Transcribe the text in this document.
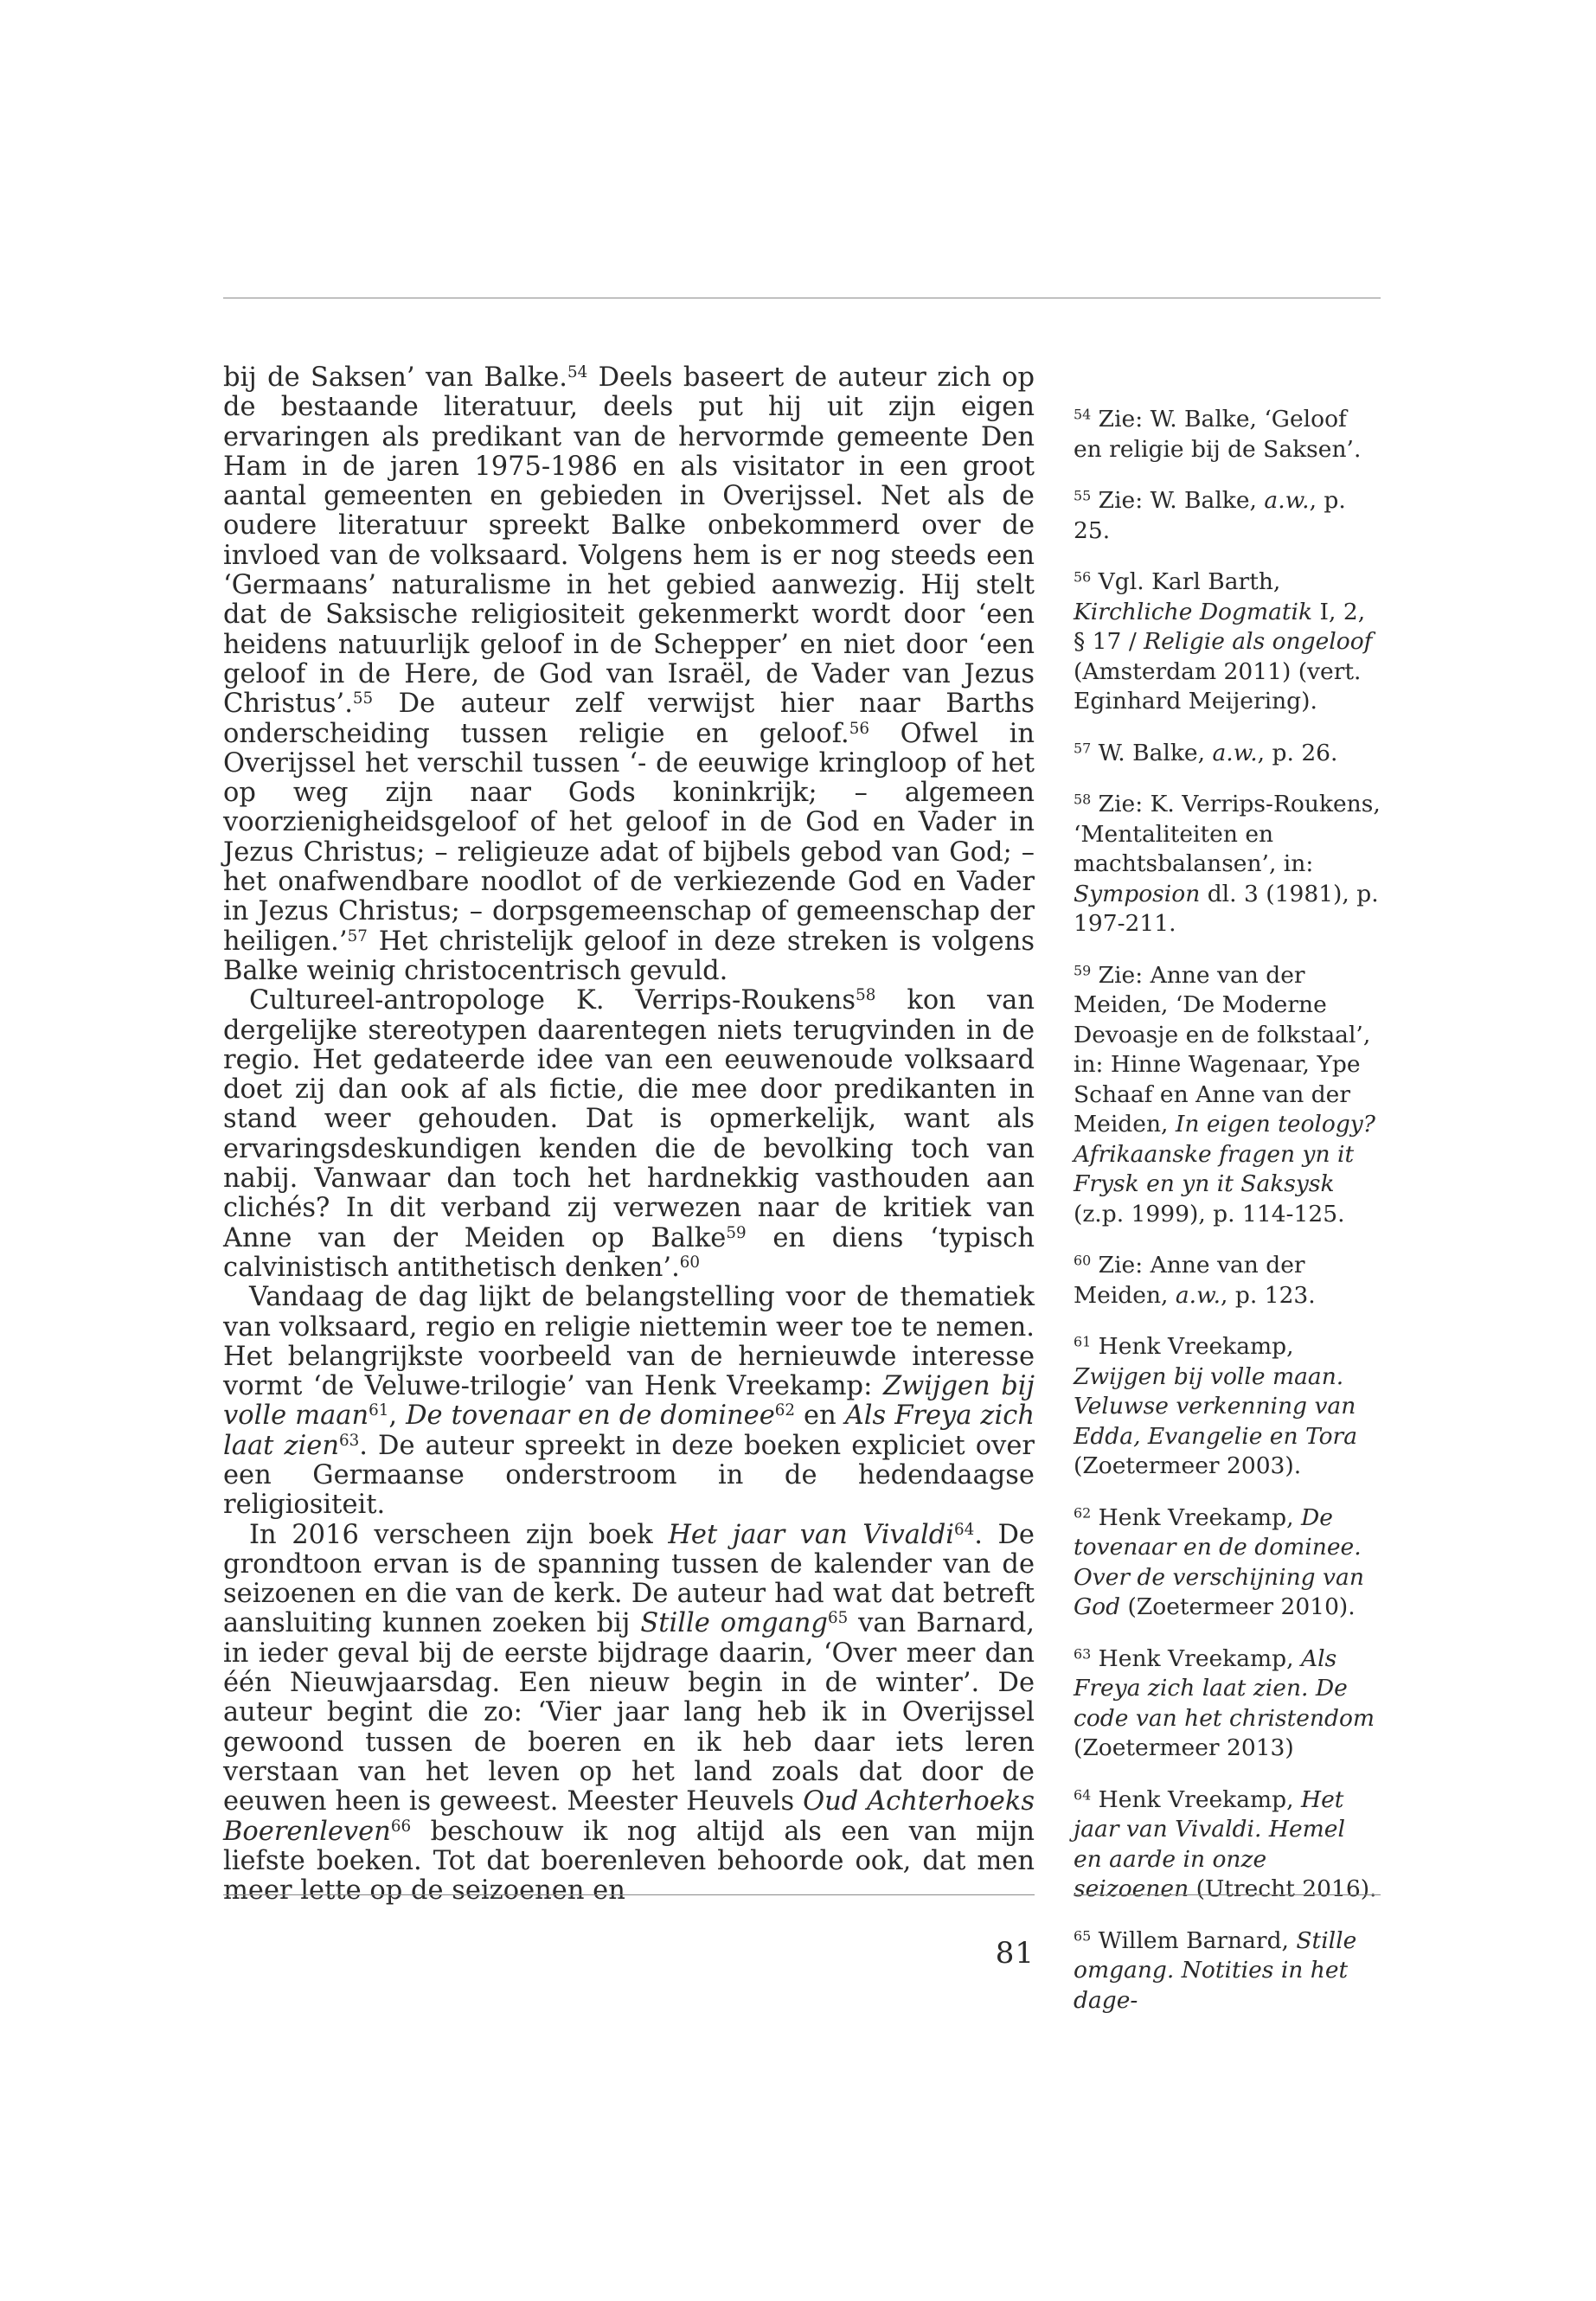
bij de Saksen’ van Balke.$^{54}$ Deels baseert de auteur zich op de bestaande literatuur, deels put hij uit zijn eigen ervaringen als predikant van de hervormde gemeente Den Ham in de jaren 1975-1986 en als visitator in een groot aantal gemeenten en gebieden in Overijssel. Net als de oudere literatuur spreekt Balke onbekommerd over de invloed van de volksaard. Volgens hem is er nog steeds een ‘Germaans’ naturalisme in het gebied aanwezig. Hij stelt dat de Saksische religiositeit gekenmerkt wordt door ‘een heidens natuurlijk geloof in de Schepper’ en niet door ‘een geloof in de Here, de God van Israël, de Vader van Jezus Christus’.$^{55}$ De auteur zelf verwijst hier naar Barths onderscheiding tussen religie en geloof.$^{56}$ Ofwel in Overijssel het verschil tussen ‘- de eeuwige kringloop of het op weg zijn naar Gods koninkrijk; – algemeen voorzienigheidsgeloof of het geloof in de God en Vader in Jezus Christus; – religieuze adat of bijbels gebod van God; – het onafwendbare noodlot of de verkiezende God en Vader in Jezus Christus; – dorpsgemeenschap of gemeenschap der heiligen.’$^{57}$ Het christelijk geloof in deze streken is volgens Balke weinig christocentrisch gevuld.

Cultureel-antropologe K. Verrips-Roukens$^{58}$ kon van dergelijke stereotypen daarentegen niets terugvinden in de regio. Het gedateerde idee van een eeuwenoude volksaard doet zij dan ook af als fictie, die mee door predikanten in stand weer gehouden. Dat is opmerkelijk, want als ervaringsdeskundigen kenden die de bevolking toch van nabij. Vanwaar dan toch het hardnekkig vasthouden aan clichés? In dit verband zij verwezen naar de kritiek van Anne van der Meiden op Balke$^{59}$ en diens ‘typisch calvinistisch antithetisch denken’.$^{60}$

Vandaag de dag lijkt de belangstelling voor de thematiek van volksaard, regio en religie niettemin weer toe te nemen. Het belangrijkste voorbeeld van de hernieuwde interesse vormt ‘de Veluwe-trilogie’ van Henk Vreekamp: Zwijgen bij volle maan$^{61}$, De tovenaar en de dominee$^{62}$ en Als Freya zich laat zien$^{63}$. De auteur spreekt in deze boeken expliciet over een Germaanse onderstroom in de hedendaagse religiositeit.

In 2016 verscheen zijn boek Het jaar van Vivaldi$^{64}$. De grondtoon ervan is de spanning tussen de kalender van de seizoenen en die van de kerk. De auteur had wat dat betreft aansluiting kunnen zoeken bij Stille omgang$^{65}$ van Barnard, in ieder geval bij de eerste bijdrage daarin, ‘Over meer dan één Nieuwjaarsdag. Een nieuw begin in de winter’. De auteur begint die zo: ‘Vier jaar lang heb ik in Overijssel gewoond tussen de boeren en ik heb daar iets leren verstaan van het leven op het land zoals dat door de eeuwen heen is geweest. Meester Heuvels Oud Achterhoeks Boerenleven$^{66}$ beschouw ik nog altijd als een van mijn liefste boeken. Tot dat boerenleven behoorde ook, dat men meer lette op de seizoenen en

$^{54}$ Zie: W. Balke, ‘Geloof en religie bij de Saksen’.

$^{55}$ Zie: W. Balke, a.w., p. 25.

$^{56}$ Vgl. Karl Barth, Kirchliche Dogmatik I, 2, § 17 / Religie als ongeloof (Amsterdam 2011) (vert. Eginhard Meijering).

$^{57}$ W. Balke, a.w., p. 26.

$^{58}$ Zie: K. Verrips-Roukens, ‘Mentaliteiten en machtsbalansen’, in: Symposion dl. 3 (1981), p. 197-211.

$^{59}$ Zie: Anne van der Meiden, ‘De Moderne Devoasje en de folkstaal’, in: Hinne Wagenaar, Ype Schaaf en Anne van der Meiden, In eigen teology? Afrikaanske fragen yn it Frysk en yn it Saksysk (z.p. 1999), p. 114-125.

$^{60}$ Zie: Anne van der Meiden, a.w., p. 123.

$^{61}$ Henk Vreekamp, Zwijgen bij volle maan. Veluwse verkenning van Edda, Evangelie en Tora (Zoetermeer 2003).

$^{62}$ Henk Vreekamp, De tovenaar en de dominee. Over de verschijning van God (Zoetermeer 2010).

$^{63}$ Henk Vreekamp, Als Freya zich laat zien. De code van het christendom (Zoetermeer 2013)

$^{64}$ Henk Vreekamp, Het jaar van Vivaldi. Hemel en aarde in onze seizoenen (Utrecht 2016).

$^{65}$ Willem Barnard, Stille omgang. Notities in het dage-

81
